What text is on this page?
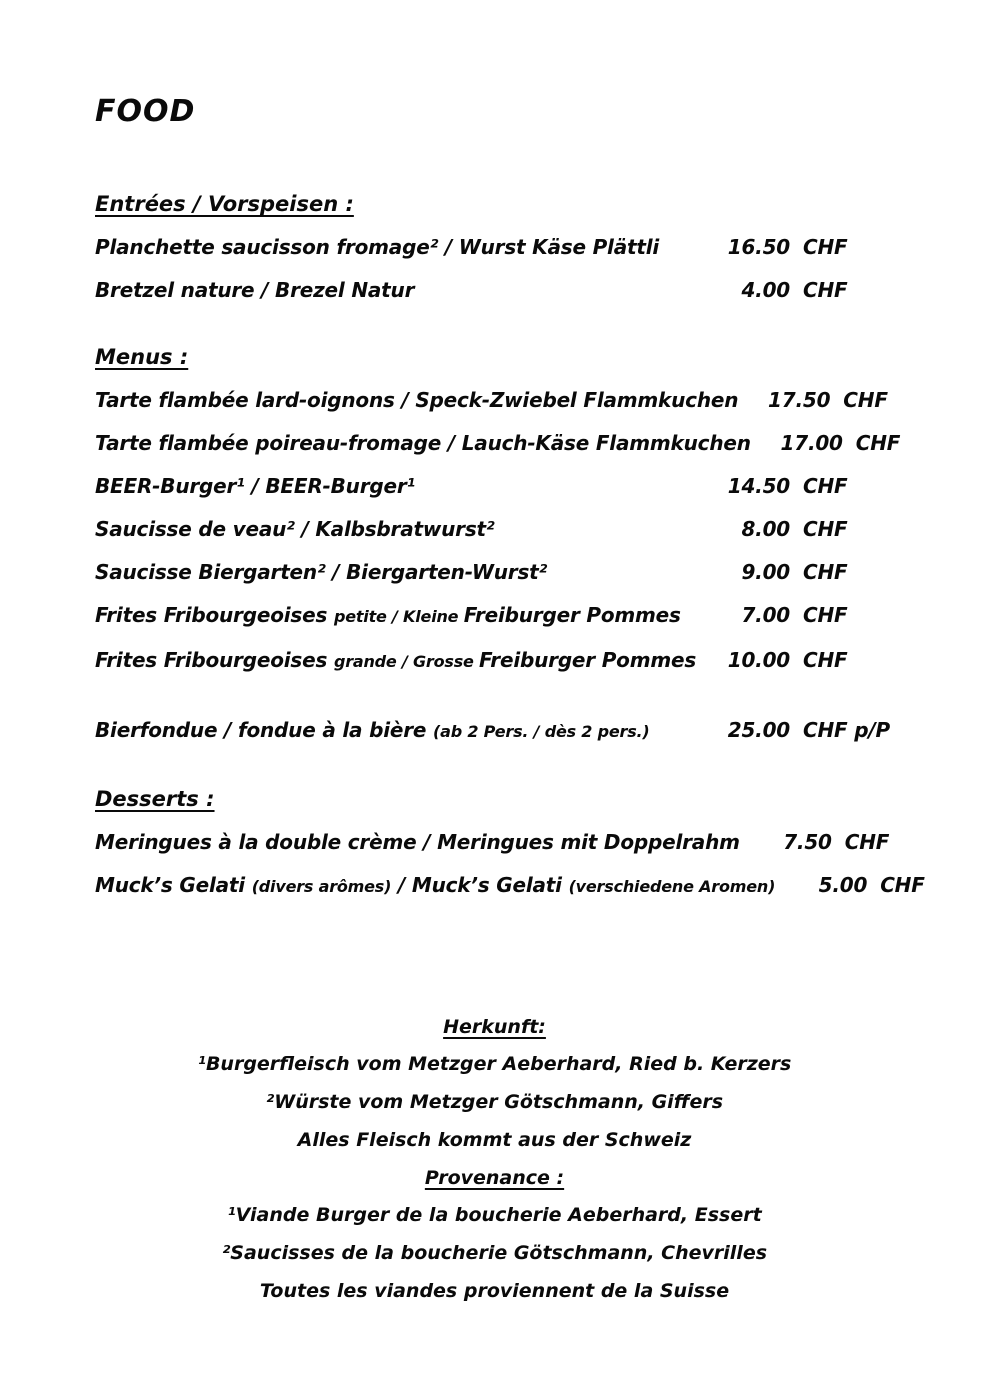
FOOD
Entrées / Vorspeisen :
Planchette saucisson fromage² / Wurst Käse Plättli	16.50 CHF
Bretzel nature / Brezel Natur	4.00 CHF
Menus :
Tarte flambée lard-oignons / Speck-Zwiebel Flammkuchen	17.50 CHF
Tarte flambée poireau-fromage / Lauch-Käse Flammkuchen	17.00 CHF
BEER-Burger¹ / BEER-Burger¹	14.50 CHF
Saucisse de veau² / Kalbsbratwurst²	8.00 CHF
Saucisse Biergarten² / Biergarten-Wurst²	9.00 CHF
Frites Fribourgeoises petite / Kleine Freiburger Pommes	7.00 CHF
Frites Fribourgeoises grande / Grosse Freiburger Pommes	10.00 CHF
Bierfondue / fondue à la bière (ab 2 Pers. / dès 2 pers.)	25.00 CHF p/P
Desserts :
Meringues à la double crème / Meringues mit Doppelrahm	7.50 CHF
Muck’s Gelati (divers arômes) / Muck’s Gelati (verschiedene Aromen)	5.00 CHF
Herkunft:
¹Burgerfleisch vom Metzger Aeberhard, Ried b. Kerzers
²Würste vom Metzger Götschmann, Giffers
Alles Fleisch kommt aus der Schweiz
Provenance :
¹Viande Burger de la boucherie Aeberhard, Essert
²Saucisses de la boucherie Götschmann, Chevrilles
Toutes les viandes proviennent de la Suisse
